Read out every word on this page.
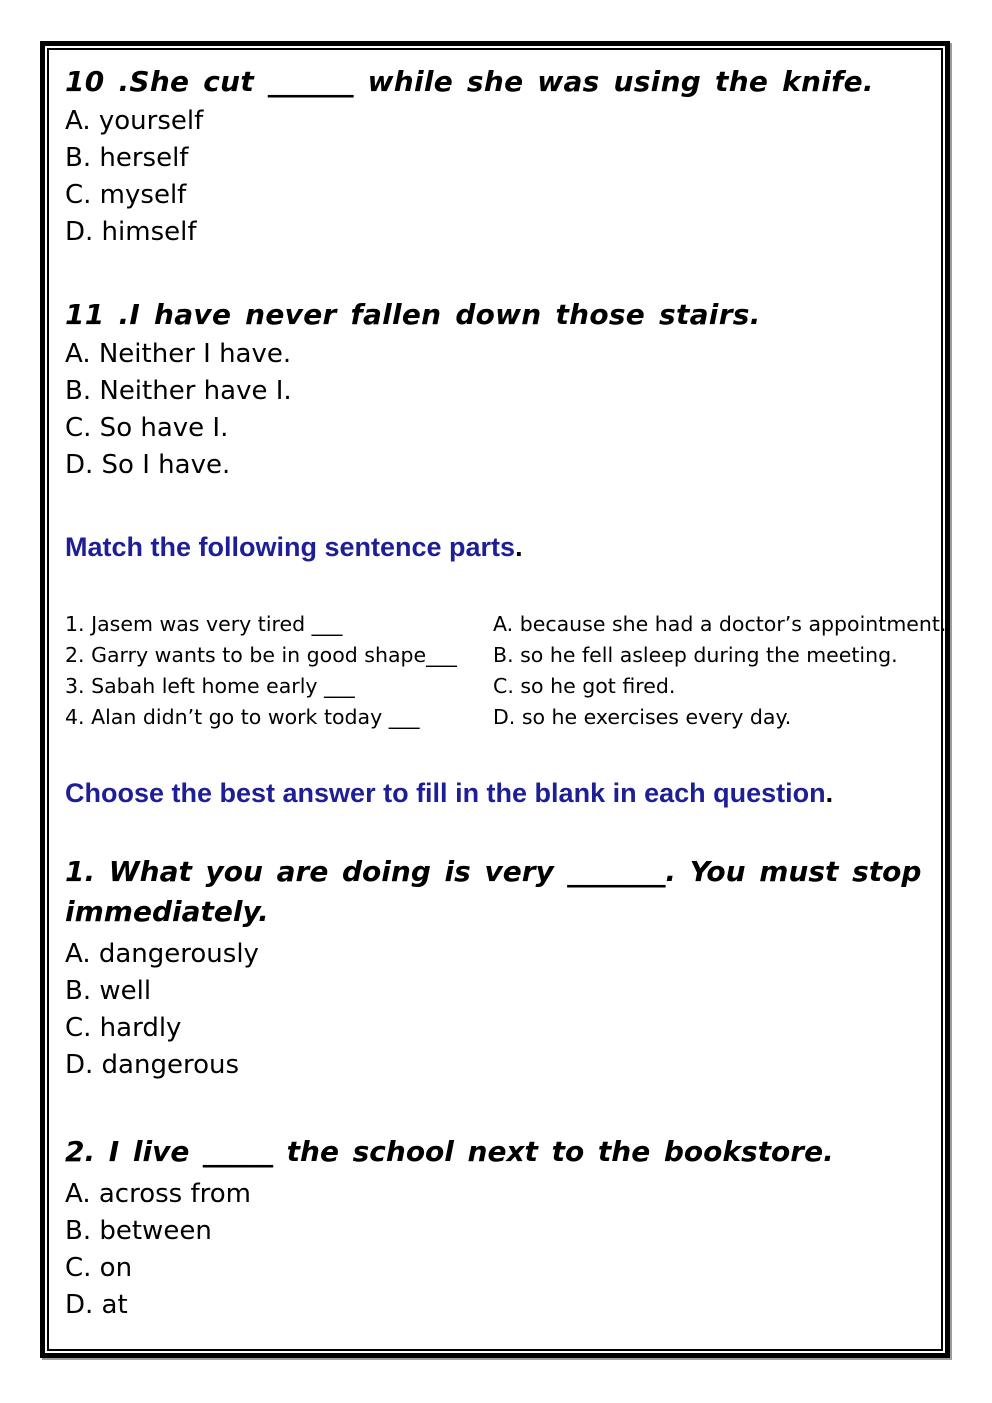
10 .She cut ______ while she was using the knife.

A. yourself

B. herself

C. myself

D. himself

11 .I have never fallen down those stairs.

A. Neither I have.

B. Neither have I.

C. So have I.

D. So I have.

Match the following sentence parts.

1. Jasem was very tired ___	A. because she had a doctor’s appointment.

2. Garry wants to be in good shape___	B. so he fell asleep during the meeting.

3. Sabah left home early ___	C. so he got fired.

4. Alan didn’t go to work today ___	D. so he exercises every day.

Choose the best answer to fill in the blank in each question.

1. What you are doing is very _______. You must stop

immediately.

A. dangerously

B. well

C. hardly

D. dangerous

2. I live _____ the school next to the bookstore.

A. across from

B. between

C. on

D. at
